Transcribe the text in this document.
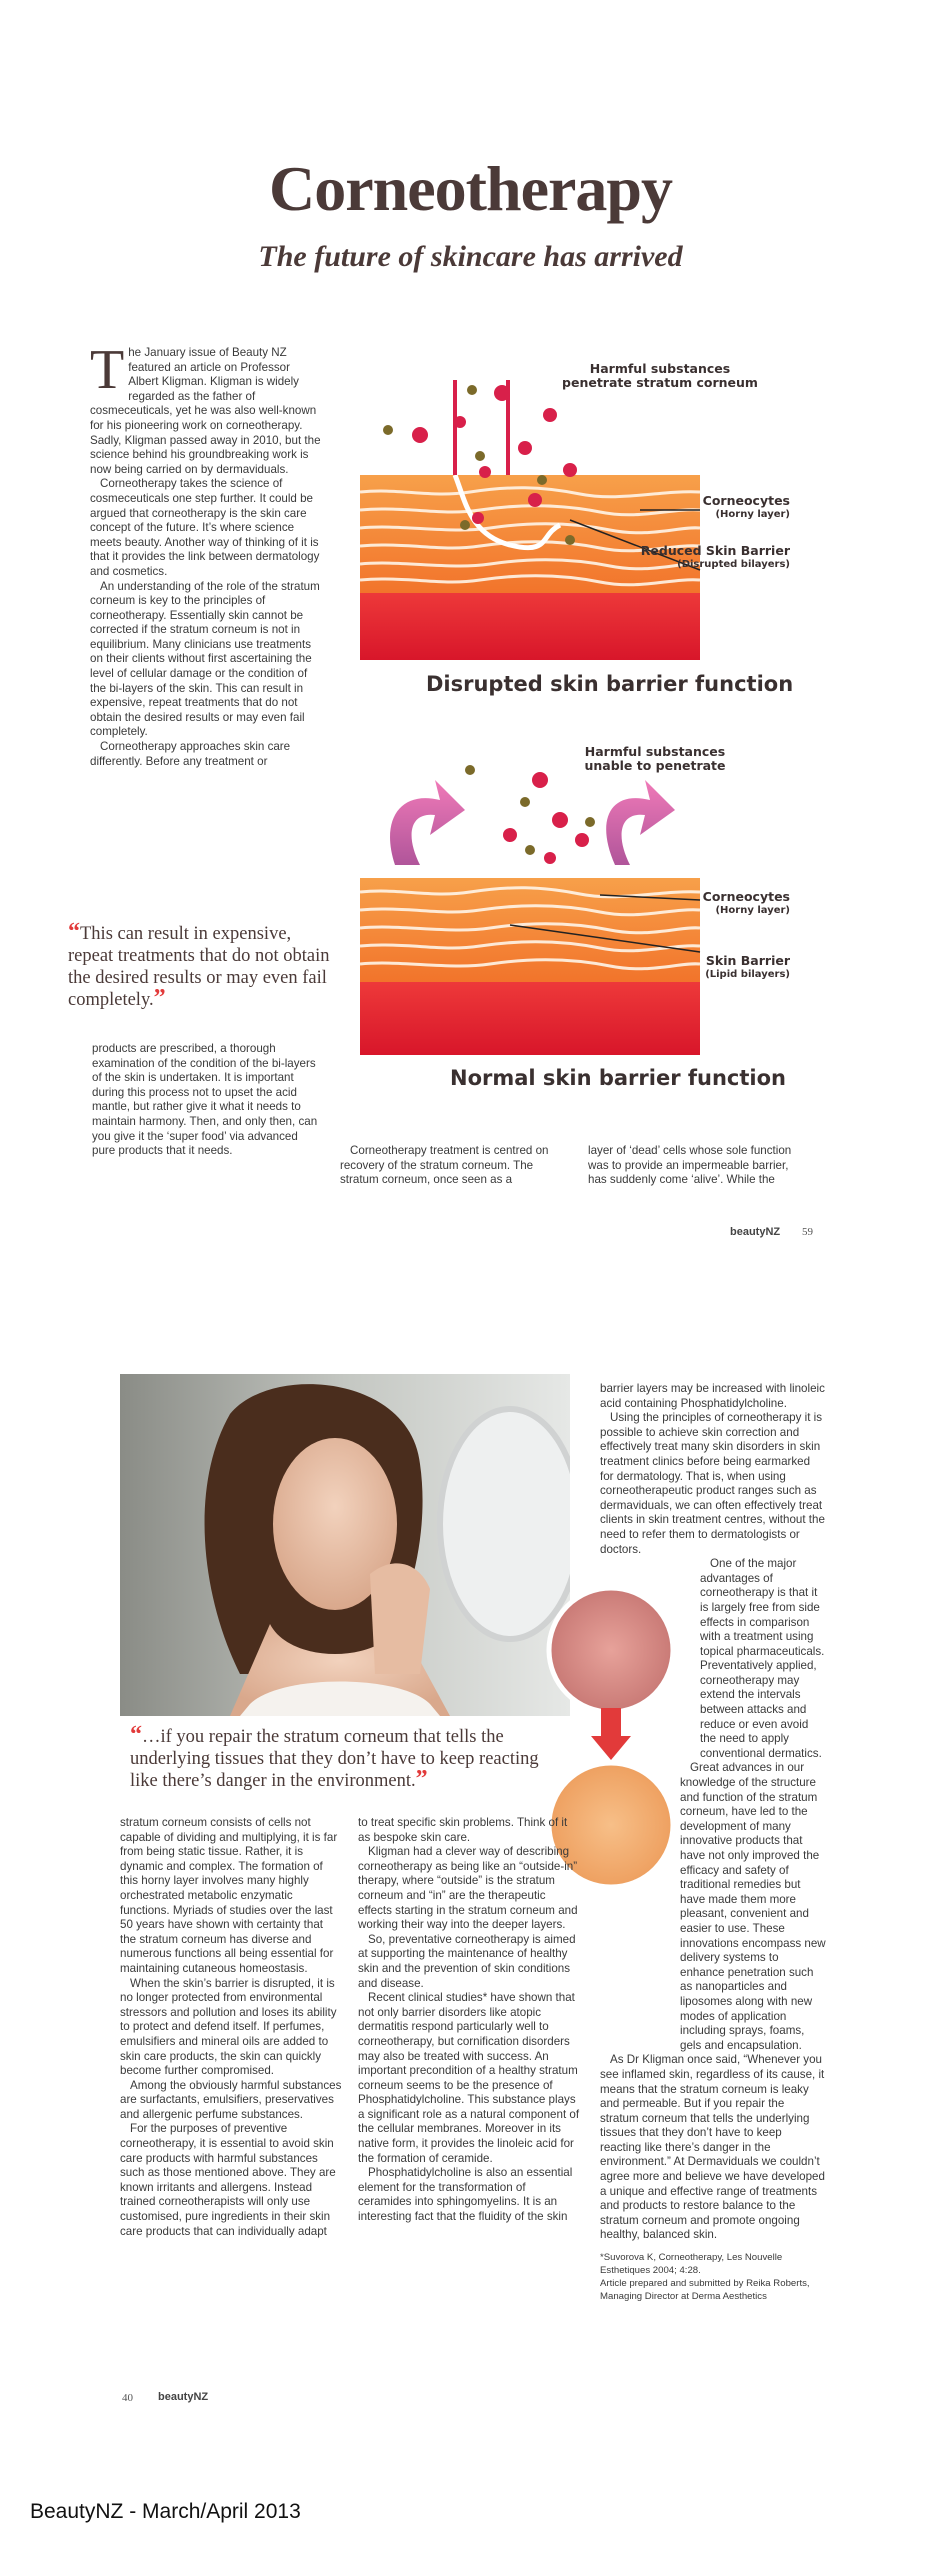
Corneotherapy
The future of skincare has arrived

The January issue of Beauty NZ featured an article on Professor Albert Kligman. Kligman is widely regarded as the father of cosmeceuticals, yet he was also well-known for his pioneering work on corneotherapy. Sadly, Kligman passed away in 2010, but the science behind his groundbreaking work is now being carried on by dermaviduals.

Corneotherapy takes the science of cosmeceuticals one step further. It could be argued that corneotherapy is the skin care concept of the future. It’s where science meets beauty. Another way of thinking of it is that it provides the link between dermatology and cosmetics.

An understanding of the role of the stratum corneum is key to the principles of corneotherapy. Essentially skin cannot be corrected if the stratum corneum is not in equilibrium. Many clinicians use treatments on their clients without first ascertaining the level of cellular damage or the condition of the bi-layers of the skin. This can result in expensive, repeat treatments that do not obtain the desired results or may even fail completely.

Corneotherapy approaches skin care differently. Before any treatment or

“This can result in expensive, repeat treatments that do not obtain the desired results or may even fail completely.”

products are prescribed, a thorough examination of the condition of the bi-layers of the skin is undertaken. It is important during this process not to upset the acid mantle, but rather give it what it needs to maintain harmony. Then, and only then, can you give it the ‘super food’ via advanced pure products that it needs.	Corneotherapy treatment is centred on recovery of the stratum corneum. The stratum corneum, once seen as a

layer of ‘dead’ cells whose sole function was to provide an impermeable barrier, has suddenly come ‘alive’. While the

Harmful substances penetrate stratum corneum
Corneocytes
(Horny layer)
Reduced Skin Barrier
(Disrupted bilayers)
Disrupted skin barrier function
Harmful substances unable to penetrate
Corneocytes
(Horny layer)
Skin Barrier
(Lipid bilayers)
Normal skin barrier function
beautyNZ 59
“…if you repair the stratum corneum that tells the underlying tissues that they don’t have to keep reacting like there’s danger in the environment.”

stratum corneum consists of cells not capable of dividing and multiplying, it is far from being static tissue. Rather, it is dynamic and complex. The formation of this horny layer involves many highly orchestrated metabolic enzymatic functions. Myriads of studies over the last 50 years have shown with certainty that the stratum corneum has diverse and numerous functions all being essential for maintaining cutaneous homeostasis.

When the skin’s barrier is disrupted, it is no longer protected from environmental stressors and pollution and loses its ability to protect and defend itself. If perfumes, emulsifiers and mineral oils are added to skin care products, the skin can quickly become further compromised.

Among the obviously harmful substances are surfactants, emulsifiers, preservatives and allergenic perfume substances.

For the purposes of preventive corneotherapy, it is essential to avoid skin care products with harmful substances such as those mentioned above. They are known irritants and allergens. Instead trained corneotherapists will only use customised, pure ingredients in their skin care products that can individually adapt

to treat specific skin problems. Think of it as bespoke skin care.

Kligman had a clever way of describing corneotherapy as being like an “outside-in” therapy, where “outside” is the stratum corneum and “in” are the therapeutic effects starting in the stratum corneum and working their way into the deeper layers.

So, preventative corneotherapy is aimed at supporting the maintenance of healthy skin and the prevention of skin conditions and disease.

Recent clinical studies* have shown that not only barrier disorders like atopic dermatitis respond particularly well to corneotherapy, but cornification disorders may also be treated with success. An important precondition of a healthy stratum corneum seems to be the presence of Phosphatidylcholine. This substance plays a significant role as a natural component of the cellular membranes. Moreover in its native form, it provides the linoleic acid for the formation of ceramide.

Phosphatidylcholine is also an essential element for the transformation of ceramides into sphingomyelins. It is an interesting fact that the fluidity of the skin

barrier layers may be increased with linoleic acid containing Phosphatidylcholine.

Using the principles of corneotherapy it is possible to achieve skin correction and effectively treat many skin disorders in skin treatment clinics before being earmarked for dermatology. That is, when using corneotherapeutic product ranges such as dermaviduals, we can often effectively treat clients in skin treatment centres, without the need to refer them to dermatologists or doctors.

One of the major advantages of corneotherapy is that it is largely free from side effects in comparison with a treatment using topical pharmaceuticals. Preventatively applied, corneotherapy may extend the intervals between attacks and reduce or even avoid the need to apply conventional dermatics.

Great advances in our knowledge of the structure and function of the stratum corneum, have led to the development of many innovative products that have not only improved the efficacy and safety of traditional remedies but have made them more pleasant, convenient and easier to use. These innovations encompass new delivery systems to enhance penetration such as nanoparticles and liposomes along with new modes of application including sprays, foams, gels and encapsulation.

As Dr Kligman once said, “Whenever you see inflamed skin, regardless of its cause, it means that the stratum corneum is leaky and permeable. But if you repair the stratum corneum that tells the underlying tissues that they don’t have to keep reacting like there’s danger in the environment.” At Dermaviduals we couldn’t agree more and believe we have developed a unique and effective range of treatments and products to restore balance to the stratum corneum and promote ongoing healthy, balanced skin.

*Suvorova K, Corneotherapy, Les Nouvelle Esthetiques 2004; 4:28.

Article prepared and submitted by Reika Roberts, Managing Director at Derma Aesthetics

40 beautyNZ
BeautyNZ - March/April 2013
